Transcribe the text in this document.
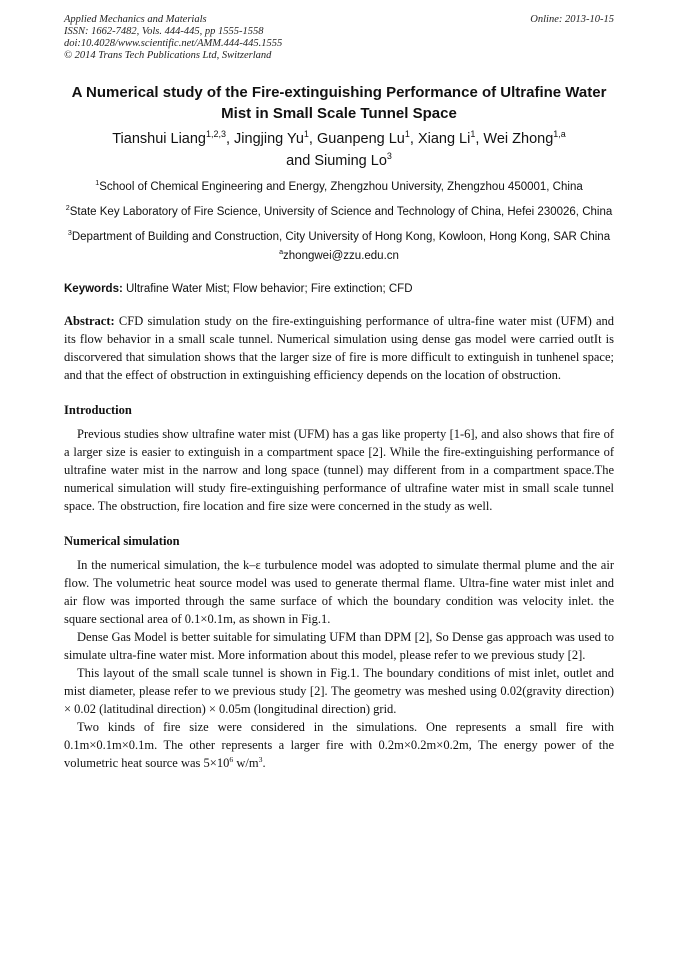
Applied Mechanics and Materials
ISSN: 1662-7482, Vols. 444-445, pp 1555-1558
doi:10.4028/www.scientific.net/AMM.444-445.1555
© 2014 Trans Tech Publications Ltd, Switzerland
Online: 2013-10-15
A Numerical study of the Fire-extinguishing Performance of Ultrafine Water Mist in Small Scale Tunnel Space
Tianshui Liang$^{1,2,3}$, Jingjing Yu$^1$, Guanpeng Lu$^1$, Xiang Li$^1$, Wei Zhong$^{1,a}$
and Siuming Lo$^3$
$^1$School of Chemical Engineering and Energy, Zhengzhou University, Zhengzhou 450001, China
$^2$State Key Laboratory of Fire Science, University of Science and Technology of China, Hefei 230026, China
$^3$Department of Building and Construction, City University of Hong Kong, Kowloon, Hong Kong, SAR China
$^a$zhongwei@zzu.edu.cn
Keywords: Ultrafine Water Mist; Flow behavior; Fire extinction; CFD
Abstract: CFD simulation study on the fire-extinguishing performance of ultra-fine water mist (UFM) and its flow behavior in a small scale tunnel. Numerical simulation using dense gas model were carried outIt is discorvered that simulation shows that the larger size of fire is more difficult to extinguish in tunhenel space; and that the effect of obstruction in extinguishing efficiency depends on the location of obstruction.
Introduction

Previous studies show ultrafine water mist (UFM) has a gas like property [1-6], and also shows that fire of a larger size is easier to extinguish in a compartment space [2]. While the fire-extinguishing performance of ultrafine water mist in the narrow and long space (tunnel) may different from in a compartment space.The numerical simulation will study fire-extinguishing performance of ultrafine water mist in small scale tunnel space. The obstruction, fire location and fire size were concerned in the study as well.

Numerical simulation

In the numerical simulation, the k–ε turbulence model was adopted to simulate thermal plume and the air flow. The volumetric heat source model was used to generate thermal flame. Ultra-fine water mist inlet and air flow was imported through the same surface of which the boundary condition was velocity inlet. the square sectional area of 0.1×0.1m, as shown in Fig.1.

Dense Gas Model is better suitable for simulating UFM than DPM [2], So Dense gas approach was used to simulate ultra-fine water mist. More information about this model, please refer to we previous study [2].

This layout of the small scale tunnel is shown in Fig.1. The boundary conditions of mist inlet, outlet and mist diameter, please refer to we previous study [2]. The geometry was meshed using 0.02(gravity direction) × 0.02 (latitudinal direction) × 0.05m (longitudinal direction) grid.

Two kinds of fire size were considered in the simulations. One represents a small fire with 0.1m×0.1m×0.1m. The other represents a larger fire with 0.2m×0.2m×0.2m, The energy power of the volumetric heat source was $5\times 10^6$ $w/m^3$.
